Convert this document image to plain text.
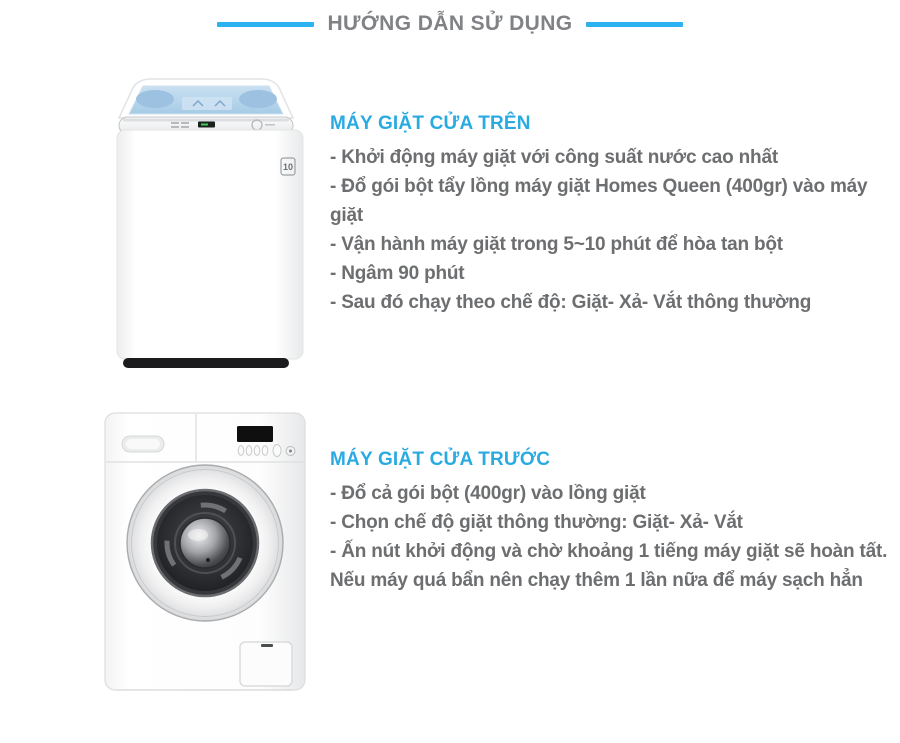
HƯỚNG DẪN SỬ DỤNG
10
MÁY GIẶT CỬA TRÊN
- Khởi động máy giặt với công suất nước cao nhất
- Đổ gói bột tẩy lồng máy giặt Homes Queen (400gr) vào máy giặt
- Vận hành máy giặt trong 5~10 phút để hòa tan bột
- Ngâm 90 phút
- Sau đó chạy theo chế độ: Giặt- Xả- Vắt thông thường
MÁY GIẶT CỬA TRƯỚC
- Đổ cả gói bột (400gr) vào lồng giặt
- Chọn chế độ giặt thông thường: Giặt- Xả- Vắt
- Ấn nút khởi động và chờ khoảng 1 tiếng máy giặt sẽ hoàn tất. Nếu máy quá bẩn nên chạy thêm 1 lần nữa để máy sạch hẳn
